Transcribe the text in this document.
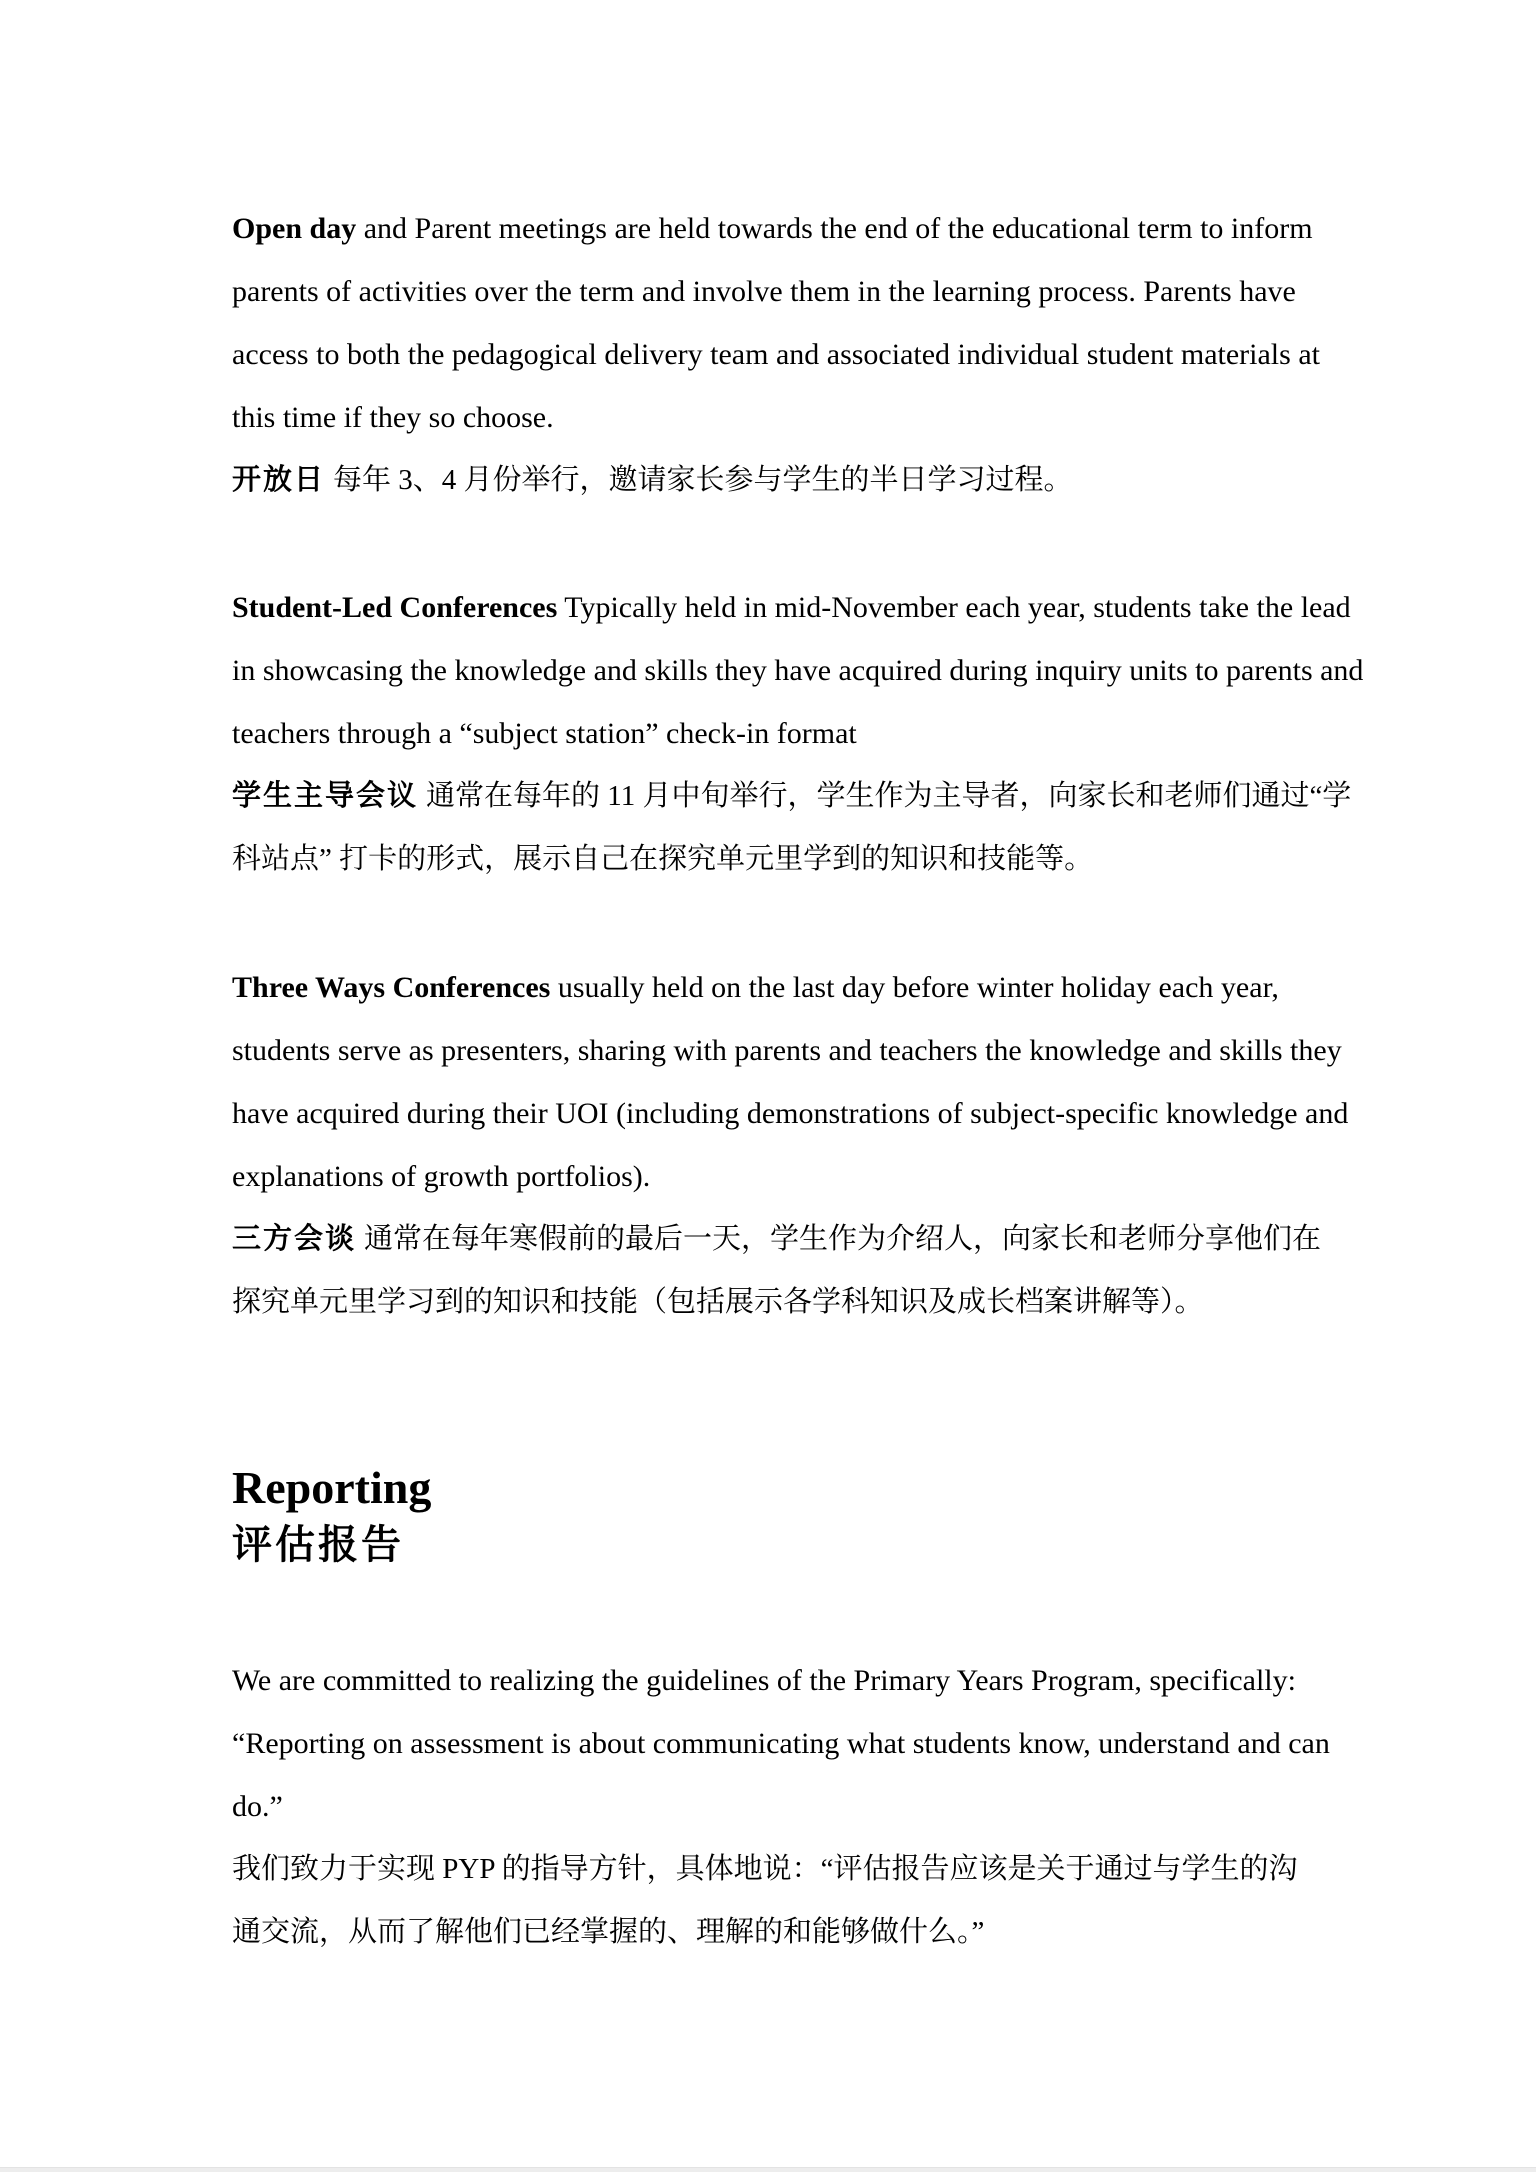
Open day and Parent meetings are held towards the end of the educational term to inform
parents of activities over the term and involve them in the learning process. Parents have
access to both the pedagogical delivery team and associated individual student materials at
this time if they so choose.
开放日 每年 3、4 月份举行，邀请家长参与学生的半日学习过程。
Student-Led Conferences Typically held in mid-November each year, students take the lead
in showcasing the knowledge and skills they have acquired during inquiry units to parents and
teachers through a “subject station” check-in format
学生主导会议 通常在每年的 11 月中旬举行，学生作为主导者，向家长和老师们通过“学
科站点” 打卡的形式，展示自己在探究单元里学到的知识和技能等。
Three Ways Conferences usually held on the last day before winter holiday each year,
students serve as presenters, sharing with parents and teachers the knowledge and skills they
have acquired during their UOI (including demonstrations of subject-specific knowledge and
explanations of growth portfolios).
三方会谈 通常在每年寒假前的最后一天，学生作为介绍人，向家长和老师分享他们在
探究单元里学习到的知识和技能（包括展示各学科知识及成长档案讲解等）。
Reporting
评估报告
We are committed to realizing the guidelines of the Primary Years Program, specifically:
“Reporting on assessment is about communicating what students know, understand and can
do.”
我们致力于实现 PYP 的指导方针，具体地说：“评估报告应该是关于通过与学生的沟
通交流，从而了解他们已经掌握的、理解的和能够做什么。”
